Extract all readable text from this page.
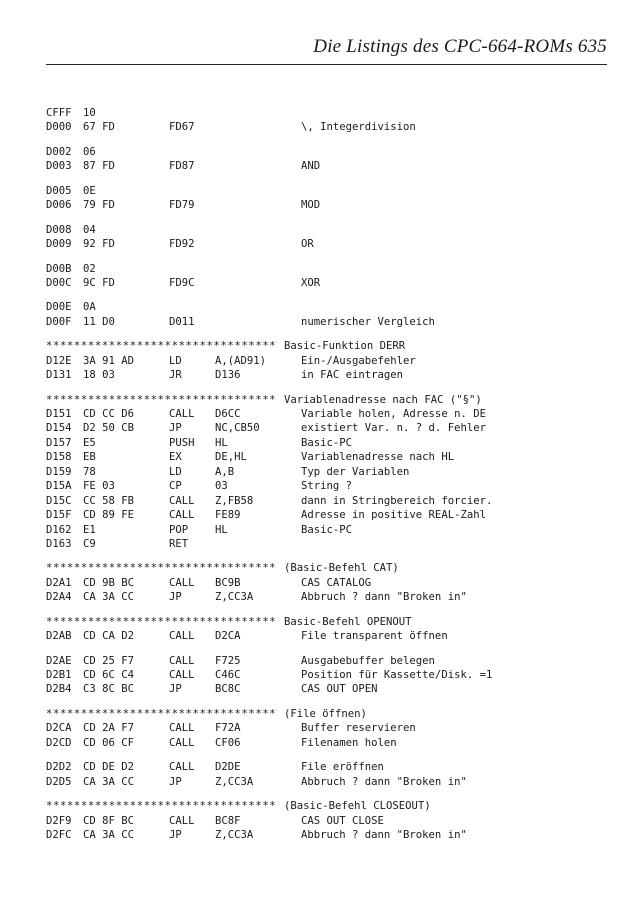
Die Listings des CPC-664-ROMs 635
CFFF 10
D000 67 FD	FD67	\, Integerdivision
D002 06
D003 87 FD	FD87	AND
D005 0E
D006 79 FD	FD79	MOD
D008 04
D009 92 FD	FD92	OR
D00B 02
D00C 9C FD	FD9C	XOR
D00E 0A
D00F 11 D0	D011	numerischer Vergleich
********************************* Basic-Funktion DERR
D12E 3A 91 AD	LD	A,(AD91)	Ein-/Ausgabefehler
D131 18 03	JR	D136	in FAC eintragen
********************************* Variablenadresse nach FAC ("§")
D151 CD CC D6	CALL D6CC	Variable holen, Adresse n. DE
D154 D2 50 CB	JP	NC,CB50	existiert Var. n. ? d. Fehler
D157 E5	PUSH HL	Basic-PC
D158 EB	EX	DE,HL	Variablenadresse nach HL
D159 78	LD	A,B	Typ der Variablen
D15A FE 03	CP	03	String ?
D15C CC 58 FB	CALL Z,FB58	dann in Stringbereich forcier.
D15F CD 89 FE	CALL FE89	Adresse in positive REAL-Zahl
D162 E1	POP	HL	Basic-PC
D163 C9	RET
********************************* (Basic-Befehl CAT)
D2A1 CD 9B BC	CALL BC9B	CAS CATALOG
D2A4 CA 3A CC	JP	Z,CC3A	Abbruch ? dann "Broken in"
********************************* Basic-Befehl OPENOUT
D2AB CD CA D2	CALL D2CA	File transparent öffnen
D2AE CD 25 F7	CALL F725	Ausgabebuffer belegen
D2B1 CD 6C C4	CALL C46C	Position für Kassette/Disk. =1
D2B4 C3 8C BC	JP	BC8C	CAS OUT OPEN
********************************* (File öffnen)
D2CA CD 2A F7	CALL F72A	Buffer reservieren
D2CD CD 06 CF	CALL CF06	Filenamen holen
D2D2 CD DE D2	CALL D2DE	File eröffnen
D2D5 CA 3A CC	JP	Z,CC3A	Abbruch ? dann "Broken in"
********************************* (Basic-Befehl CLOSEOUT)
D2F9 CD 8F BC	CALL BC8F	CAS OUT CLOSE
D2FC CA 3A CC	JP	Z,CC3A	Abbruch ? dann "Broken in"
